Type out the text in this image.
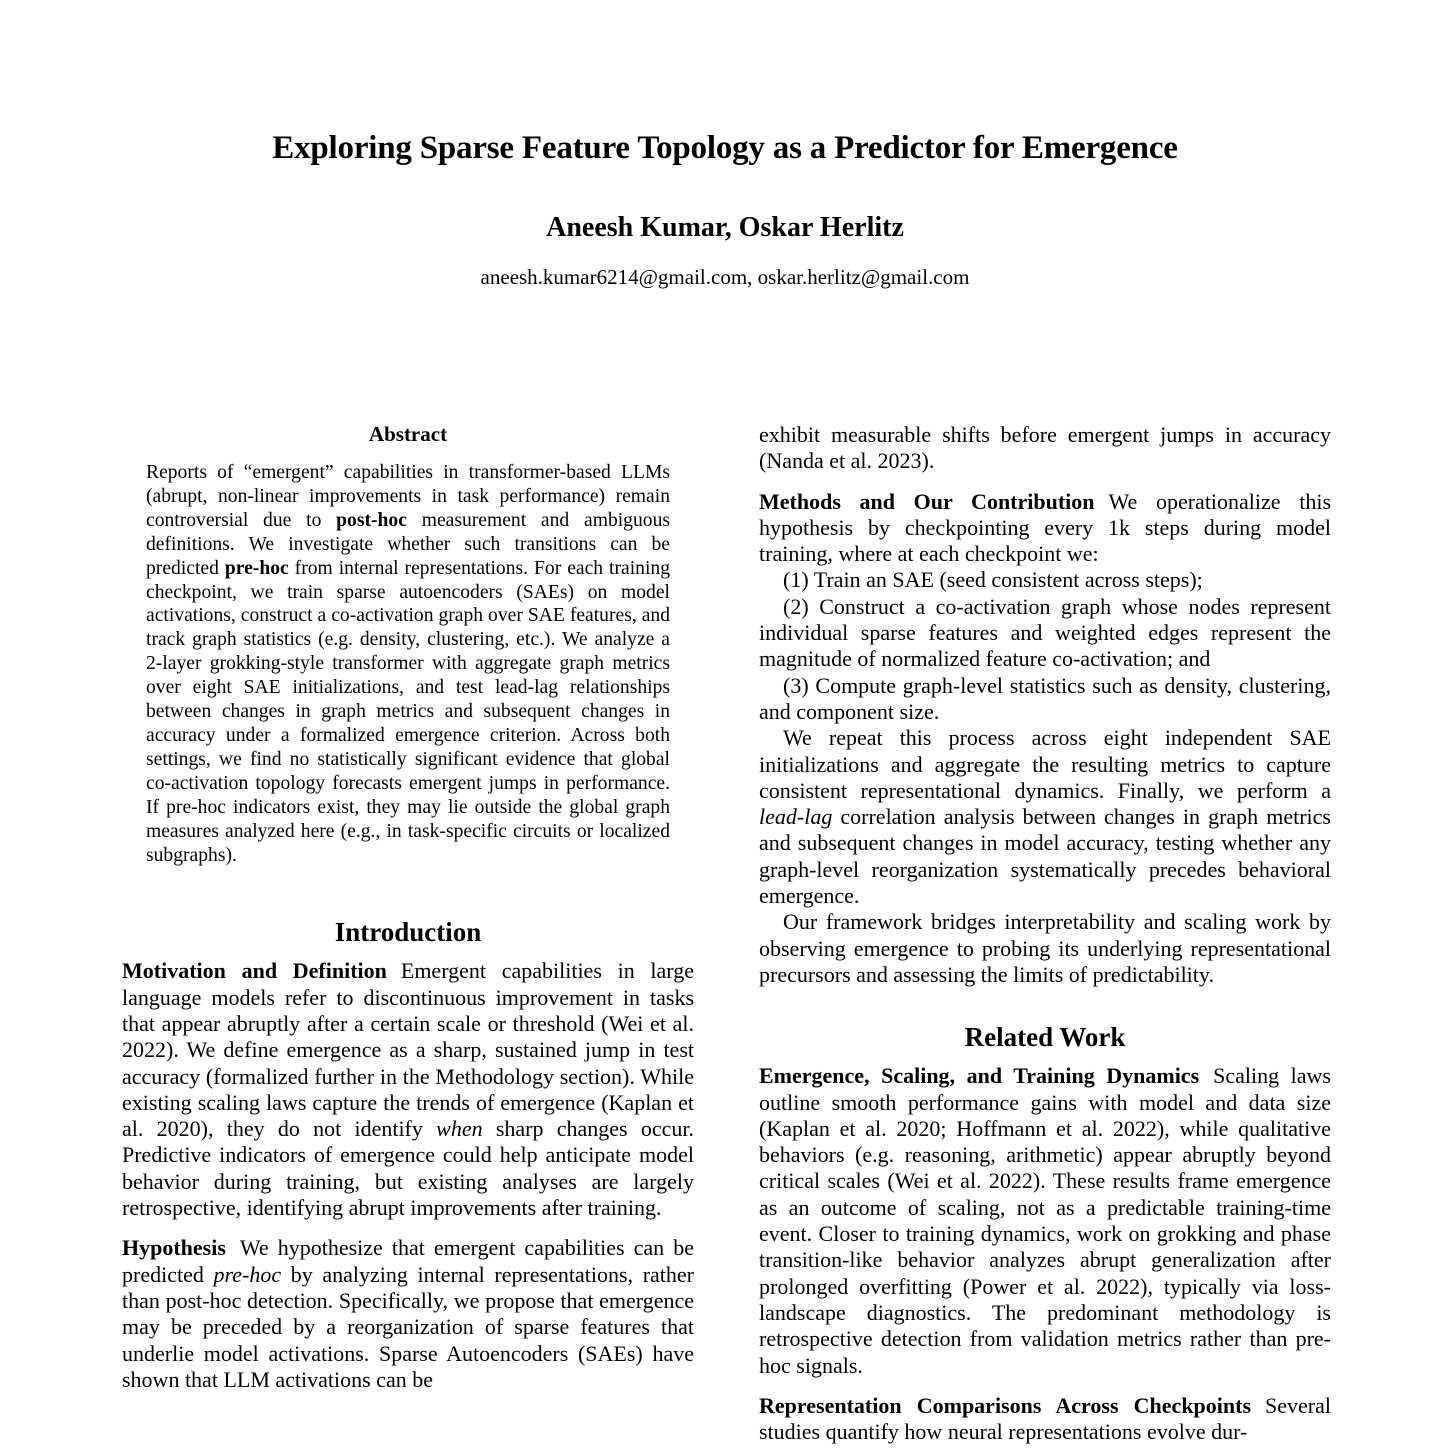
Exploring Sparse Feature Topology as a Predictor for Emergence
Aneesh Kumar, Oskar Herlitz
aneesh.kumar6214@gmail.com, oskar.herlitz@gmail.com
Abstract
Reports of “emergent” capabilities in transformer-based LLMs (abrupt, non-linear improvements in task performance) remain controversial due to post-hoc measurement and ambiguous definitions. We investigate whether such transitions can be predicted pre-hoc from internal representations. For each training checkpoint, we train sparse autoencoders (SAEs) on model activations, construct a co-activation graph over SAE features, and track graph statistics (e.g. density, clustering, etc.). We analyze a 2-layer grokking-style transformer with aggregate graph metrics over eight SAE initializations, and test lead-lag relationships between changes in graph metrics and subsequent changes in accuracy under a formalized emergence criterion. Across both settings, we find no statistically significant evidence that global co-activation topology forecasts emergent jumps in performance. If pre-hoc indicators exist, they may lie outside the global graph measures analyzed here (e.g., in task-specific circuits or localized subgraphs).
Introduction

Motivation and Definition Emergent capabilities in large language models refer to discontinuous improvement in tasks that appear abruptly after a certain scale or threshold (Wei et al. 2022). We define emergence as a sharp, sustained jump in test accuracy (formalized further in the Methodology section). While existing scaling laws capture the trends of emergence (Kaplan et al. 2020), they do not identify when sharp changes occur. Predictive indicators of emergence could help anticipate model behavior during training, but existing analyses are largely retrospective, identifying abrupt improvements after training.

Hypothesis We hypothesize that emergent capabilities can be predicted pre-hoc by analyzing internal representations, rather than post-hoc detection. Specifically, we propose that emergence may be preceded by a reorganization of sparse features that underlie model activations. Sparse Autoencoders (SAEs) have shown that LLM activations can be

exhibit measurable shifts before emergent jumps in accuracy (Nanda et al. 2023).

Methods and Our Contribution We operationalize this hypothesis by checkpointing every 1k steps during model training, where at each checkpoint we:

(1) Train an SAE (seed consistent across steps);

(2) Construct a co-activation graph whose nodes represent individual sparse features and weighted edges represent the magnitude of normalized feature co-activation; and

(3) Compute graph-level statistics such as density, clustering, and component size.

We repeat this process across eight independent SAE initializations and aggregate the resulting metrics to capture consistent representational dynamics. Finally, we perform a lead-lag correlation analysis between changes in graph metrics and subsequent changes in model accuracy, testing whether any graph-level reorganization systematically precedes behavioral emergence.

Our framework bridges interpretability and scaling work by observing emergence to probing its underlying representational precursors and assessing the limits of predictability.

Related Work

Emergence, Scaling, and Training Dynamics Scaling laws outline smooth performance gains with model and data size (Kaplan et al. 2020; Hoffmann et al. 2022), while qualitative behaviors (e.g. reasoning, arithmetic) appear abruptly beyond critical scales (Wei et al. 2022). These results frame emergence as an outcome of scaling, not as a predictable training-time event. Closer to training dynamics, work on grokking and phase transition-like behavior analyzes abrupt generalization after prolonged overfitting (Power et al. 2022), typically via loss-landscape diagnostics. The predominant methodology is retrospective detection from validation metrics rather than pre-hoc signals.

Representation Comparisons Across Checkpoints Several studies quantify how neural representations evolve dur-
